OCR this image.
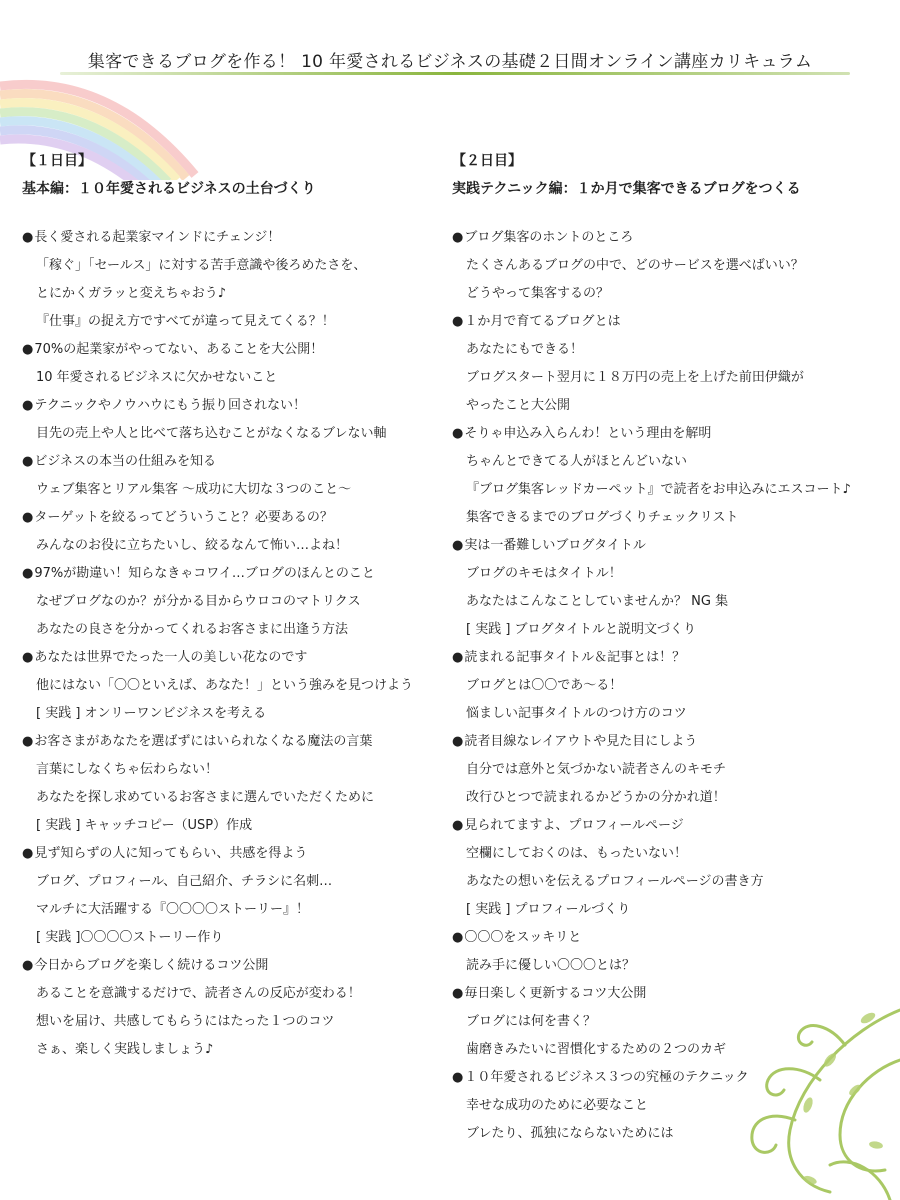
集客できるブログを作る！ 10 年愛されるビジネスの基礎２日間オンライン講座カリキュラム
【１日目】
基本編：１０年愛されるビジネスの土台づくり
● 長く愛される起業家マインドにチェンジ！
「稼ぐ」「セールス」に対する苦手意識や後ろめたさを、
とにかくガラッと変えちゃおう♪
『仕事』の捉え方ですべてが違って見えてくる？！
● 70%の起業家がやってない、あることを大公開！
10 年愛されるビジネスに欠かせないこと
● テクニックやノウハウにもう振り回されない！
目先の売上や人と比べて落ち込むことがなくなるブレない軸
● ビジネスの本当の仕組みを知る
ウェブ集客とリアル集客 ～成功に大切な３つのこと～
● ターゲットを絞るってどういうこと？必要あるの？
みんなのお役に立ちたいし、絞るなんて怖い…よね！
● 97%が勘違い！知らなきゃコワイ…ブログのほんとのこと
なぜブログなのか？が分かる目からウロコのマトリクス
あなたの良さを分かってくれるお客さまに出逢う方法
● あなたは世界でたった一人の美しい花なのです
他にはない「〇〇といえば、あなた！」という強みを見つけよう
[ 実践 ] オンリーワンビジネスを考える
● お客さまがあなたを選ばずにはいられなくなる魔法の言葉
言葉にしなくちゃ伝わらない！
あなたを探し求めているお客さまに選んでいただくために
[ 実践 ] キャッチコピー（USP）作成
● 見ず知らずの人に知ってもらい、共感を得よう
ブログ、プロフィール、自己紹介、チラシに名刺…
マルチに大活躍する『〇〇〇〇ストーリー』！
[ 実践 ]〇〇〇〇ストーリー作り
● 今日からブログを楽しく続けるコツ公開
あることを意識するだけで、読者さんの反応が変わる！
想いを届け、共感してもらうにはたった１つのコツ
さぁ、楽しく実践しましょう♪
【２日目】
実践テクニック編：１か月で集客できるブログをつくる
● ブログ集客のホントのところ
たくさんあるブログの中で、どのサービスを選べばいい？
どうやって集客するの？
● １か月で育てるブログとは
あなたにもできる！
ブログスタート翌月に１８万円の売上を上げた前田伊織が
やったこと大公開
● そりゃ申込み入らんわ！という理由を解明
ちゃんとできてる人がほとんどいない
『ブログ集客レッドカーペット』で読者をお申込みにエスコート♪
集客できるまでのブログづくりチェックリスト
● 実は一番難しいブログタイトル
ブログのキモはタイトル！
あなたはこんなことしていませんか？ NG 集
[ 実践 ] ブログタイトルと説明文づくり
● 読まれる記事タイトル＆記事とは！？
ブログとは〇〇であ～る！
悩ましい記事タイトルのつけ方のコツ
● 読者目線なレイアウトや見た目にしよう
自分では意外と気づかない読者さんのキモチ
改行ひとつで読まれるかどうかの分かれ道！
● 見られてますよ、プロフィールページ
空欄にしておくのは、もったいない！
あなたの想いを伝えるプロフィールページの書き方
[ 実践 ] プロフィールづくり
● 〇〇〇をスッキリと
読み手に優しい〇〇〇とは？
● 毎日楽しく更新するコツ大公開
ブログには何を書く？
歯磨きみたいに習慣化するための２つのカギ
● １０年愛されるビジネス３つの究極のテクニック
幸せな成功のために必要なこと
ブレたり、孤独にならないためには
